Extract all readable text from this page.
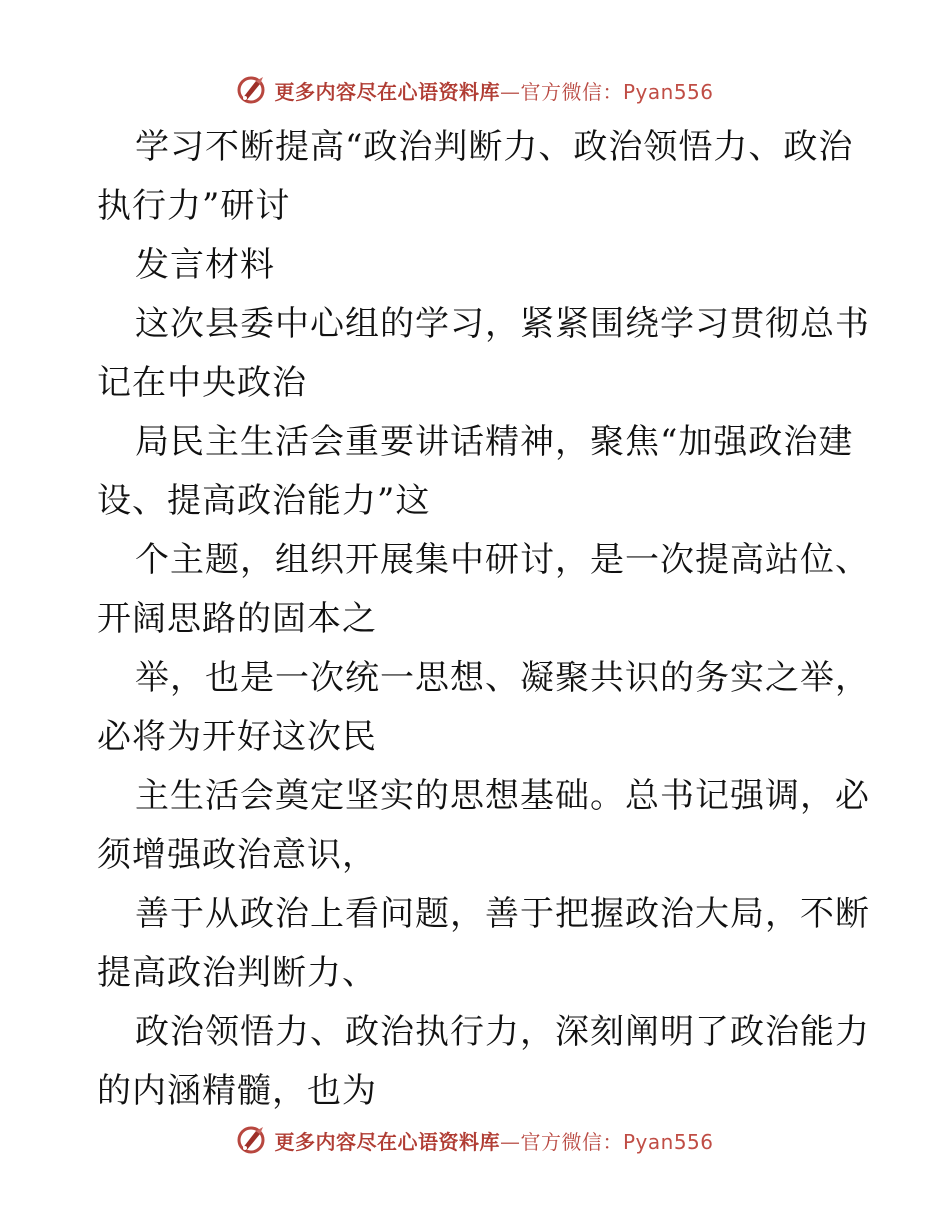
更多内容尽在心语资料库—官方微信：Pyan556
学习不断提高“政治判断力、政治领悟力、政治
执行力”研讨
发言材料
这次县委中心组的学习，紧紧围绕学习贯彻总书
记在中央政治
局民主生活会重要讲话精神，聚焦“加强政治建
设、提高政治能力”这
个主题，组织开展集中研讨，是一次提高站位、
开阔思路的固本之
举，也是一次统一思想、凝聚共识的务实之举，
必将为开好这次民
主生活会奠定坚实的思想基础。总书记强调，必
须增强政治意识，
善于从政治上看问题，善于把握政治大局，不断
提高政治判断力、
政治领悟力、政治执行力，深刻阐明了政治能力
的内涵精髓，也为
更多内容尽在心语资料库—官方微信：Pyan556
